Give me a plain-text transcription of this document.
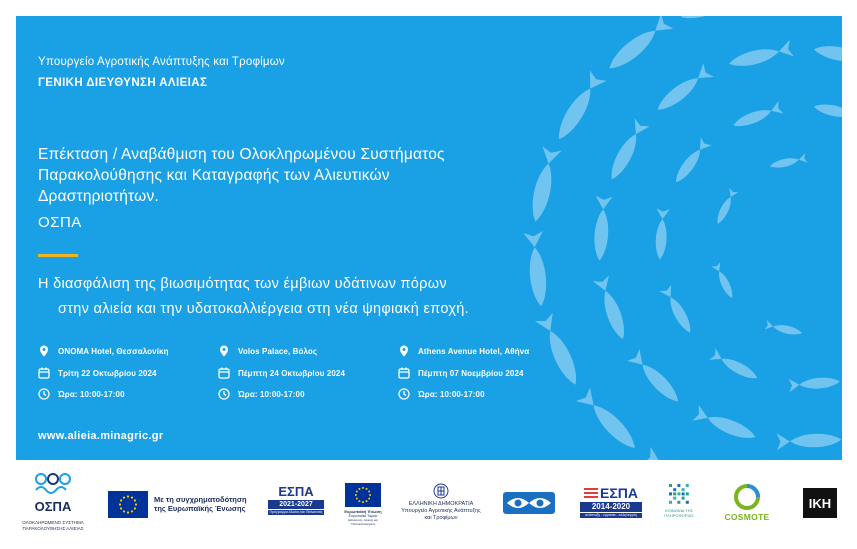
Υπουργείο Αγροτικής Ανάπτυξης και Τροφίμων
ΓΕΝΙΚΗ ΔΙΕΥΘΥΝΣΗ ΑΛΙΕΙΑΣ
Επέκταση / Αναβάθμιση του Ολοκληρωμένου Συστήματος
Παρακολούθησης και Καταγραφής των Αλιευτικών
Δραστηριοτήτων.
ΟΣΠΑ
Η διασφάλιση της βιωσιμότητας των έμβιων υδάτινων πόρων
στην αλιεία και την υδατοκαλλιέργεια στη νέα ψηφιακή εποχή.
ONOMA Hotel, Θεσσαλονίκη
Τρίτη 22 Οκτωβρίου 2024
Ώρα: 10:00-17:00
Volos Palace, Βόλος
Πέμπτη 24 Οκτωβρίου 2024
Ώρα: 10:00-17:00
Athens Avenue Hotel, Αθήνα
Πέμπτη 07 Νοεμβρίου 2024
Ώρα: 10:00-17:00
www.alieia.minagric.gr
ΟΣΠΑ
ΟΛΟΚΛΗΡΩΜΕΝΟ ΣΥΣΤΗΜΑ
ΠΑΡΑΚΟΛΟΥΘΗΣΗΣ ΑΛΙΕΙΑΣ
Με τη συγχρηματοδότηση
της Ευρωπαϊκής Ένωσης
ΕΣΠΑ
2021-2027
Πρόγραμμα Αλιείας και Θάλασσας	Ευρωπαϊκή Ένωση
Ευρωπαϊκό Ταμείο
Θάλασσας, Αλιείας και Υδατοκαλλιέργειας
ΕΛΛΗΝΙΚΗ ΔΗΜΟΚΡΑΤΙΑ
Υπουργείο Αγροτικής Ανάπτυξης
και Τροφίμων
ΕΣΠΑ
2014-2020
ανάπτυξη - εργασία - αλληλεγγύη
ΚΟΙΝΩΝΙΑ ΤΗΣ
ΠΛΗΡΟΦΟΡΙΑΣ	COSMOTE
ΙΚΗ
